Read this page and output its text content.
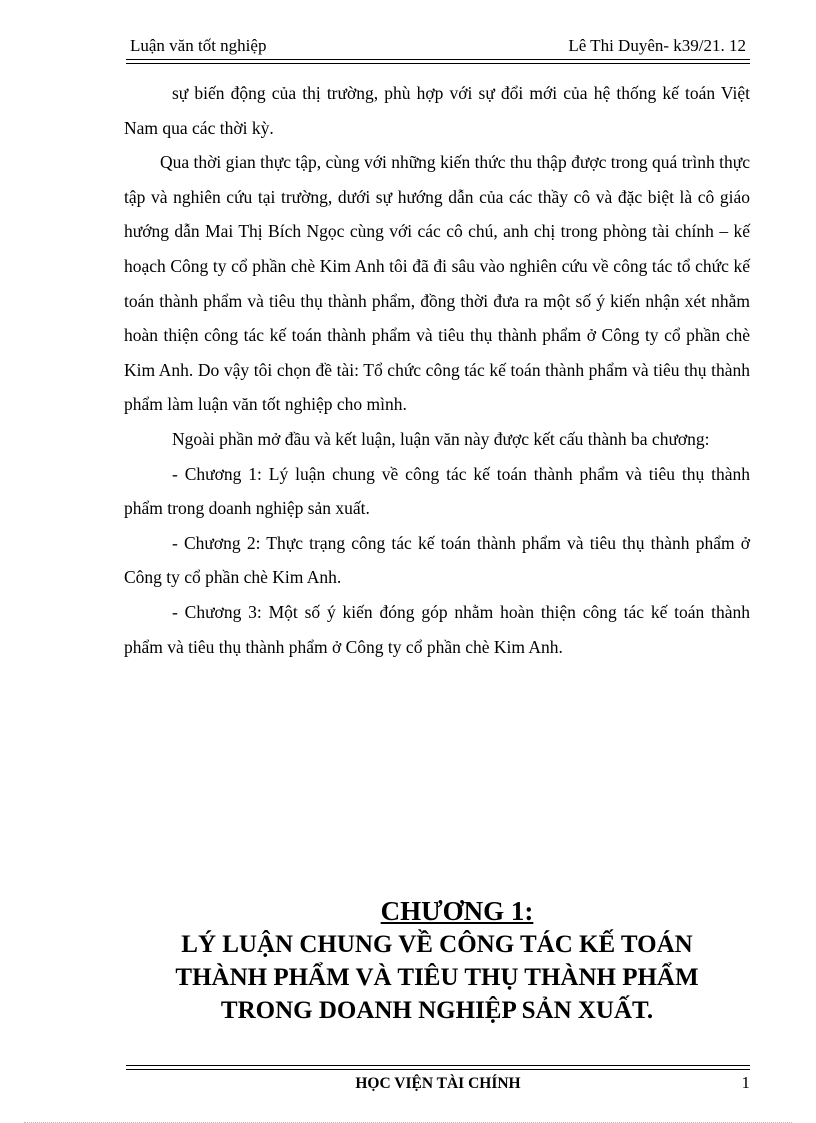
Luận văn tốt nghiệp	Lê Thi Duyên- k39/21. 12

sự biến động của thị trường, phù hợp với sự đổi mới của hệ thống kế toán Việt Nam qua các thời kỳ.

Qua thời gian thực tập, cùng với những kiến thức thu thập được trong quá trình thực tập và nghiên cứu tại trường, dưới sự hướng dẫn của các thầy cô và đặc biệt là cô giáo hướng dẫn Mai Thị Bích Ngọc cùng với các cô chú, anh chị trong phòng tài chính – kế hoạch Công ty cổ phần chè Kim Anh tôi đã đi sâu vào nghiên cứu về công tác tổ chức kế toán thành phẩm và tiêu thụ thành phẩm, đồng thời đưa ra một số ý kiến nhận xét nhằm hoàn thiện công tác kế toán thành phẩm và tiêu thụ thành phẩm ở Công ty cổ phần chè Kim Anh. Do vậy tôi chọn đề tài: Tổ chức công tác kế toán thành phẩm và tiêu thụ thành phẩm làm luận văn tốt nghiệp cho mình.

Ngoài phần mở đầu và kết luận, luận văn này được kết cấu thành ba chương:

- Chương 1: Lý luận chung về công tác kế toán thành phẩm và tiêu thụ thành phẩm trong doanh nghiệp sản xuất.

- Chương 2: Thực trạng công tác kế toán thành phẩm và tiêu thụ thành phẩm ở Công ty cổ phần chè Kim Anh.

- Chương 3: Một số ý kiến đóng góp nhằm hoàn thiện công tác kế toán thành phẩm và tiêu thụ thành phẩm ở Công ty cổ phần chè Kim Anh.

CHƯƠNG 1:
LÝ LUẬN CHUNG VỀ CÔNG TÁC KẾ TOÁN
THÀNH PHẨM VÀ TIÊU THỤ THÀNH PHẨM
TRONG DOANH NGHIỆP SẢN XUẤT.
HỌC VIỆN TÀI CHÍNH	1
